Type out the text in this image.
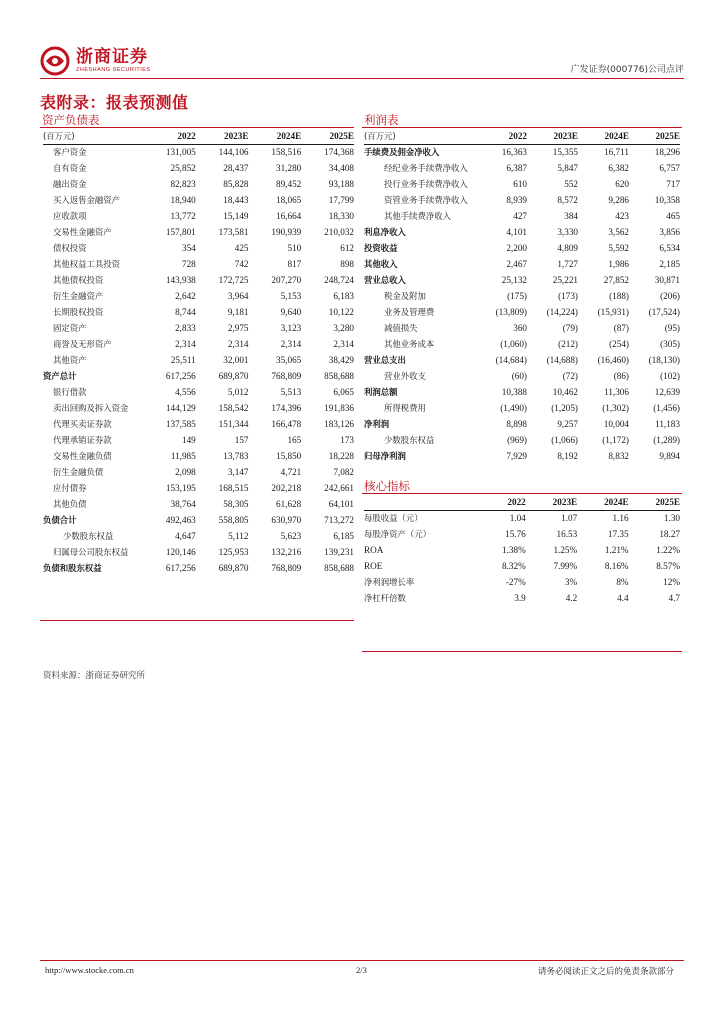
浙商证券
ZHESHANG SECURITIES	广发证券(000776)公司点评
表附录：报表预测值
资产负债表
(百万元)	2022	2023E	2024E	2025E
客户资金	131,005	144,106	158,516	174,368
自有资金	25,852	28,437	31,280	34,408
融出资金	82,823	85,828	89,452	93,188
买入返售金融资产	18,940	18,443	18,065	17,799
应收款项	13,772	15,149	16,664	18,330
交易性金融资产	157,801	173,581	190,939	210,032
债权投资	354	425	510	612
其他权益工具投资	728	742	817	898
其他债权投资	143,938	172,725	207,270	248,724
衍生金融资产	2,642	3,964	5,153	6,183
长期股权投资	8,744	9,181	9,640	10,122
固定资产	2,833	2,975	3,123	3,280
商誉及无形资产	2,314	2,314	2,314	2,314
其他资产	25,511	32,001	35,065	38,429
资产总计	617,256	689,870	768,809	858,688
银行借款	4,556	5,012	5,513	6,065
卖出回购及拆入资金	144,129	158,542	174,396	191,836
代理买卖证券款	137,585	151,344	166,478	183,126
代理承销证券款	149	157	165	173
交易性金融负债	11,985	13,783	15,850	18,228
衍生金融负债	2,098	3,147	4,721	7,082
应付债券	153,195	168,515	202,218	242,661
其他负债	38,764	58,305	61,628	64,101
负债合计	492,463	558,805	630,970	713,272
少数股东权益	4,647	5,112	5,623	6,185
归属母公司股东权益	120,146	125,953	132,216	139,231
负债和股东权益	617,256	689,870	768,809	858,688
利润表
(百万元)	2022	2023E	2024E	2025E
手续费及佣金净收入	16,363	15,355	16,711	18,296
经纪业务手续费净收入	6,387	5,847	6,382	6,757
投行业务手续费净收入	610	552	620	717
资管业务手续费净收入	8,939	8,572	9,286	10,358
其他手续费净收入	427	384	423	465
利息净收入	4,101	3,330	3,562	3,856
投资收益	2,200	4,809	5,592	6,534
其他收入	2,467	1,727	1,986	2,185
营业总收入	25,132	25,221	27,852	30,871
税金及附加	(175)	(173)	(188)	(206)
业务及管理费	(13,809)	(14,224)	(15,931)	(17,524)
减值损失	360	(79)	(87)	(95)
其他业务成本	(1,060)	(212)	(254)	(305)
营业总支出	(14,684)	(14,688)	(16,460)	(18,130)
营业外收支	(60)	(72)	(86)	(102)
利润总额	10,388	10,462	11,306	12,639
所得税费用	(1,490)	(1,205)	(1,302)	(1,456)
净利润	8,898	9,257	10,004	11,183
少数股东权益	(969)	(1,066)	(1,172)	(1,289)
归母净利润	7,929	8,192	8,832	9,894
核心指标
	2022	2023E	2024E	2025E
每股收益（元）	1.04	1.07	1.16	1.30
每股净资产（元）	15.76	16.53	17.35	18.27
ROA	1.38%	1.25%	1.21%	1.22%
ROE	8.32%	7.99%	8.16%	8.57%
净利润增长率	-27%	3%	8%	12%
净杠杆倍数	3.9	4.2	4.4	4.7
资料来源：浙商证券研究所
http://www.stocke.com.cn	2/3	请务必阅读正文之后的免责条款部分
